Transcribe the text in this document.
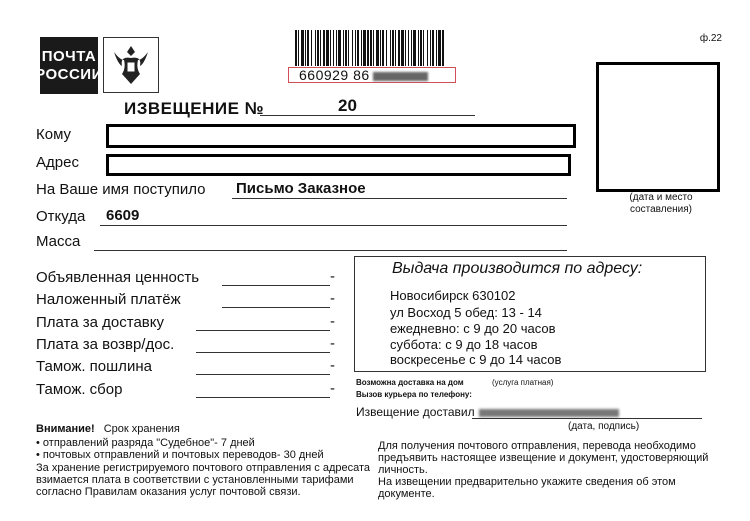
ПОЧТА
РОССИИ	660929 86
ф.22
(дата и место составления)
ИЗВЕЩЕНИЕ №	20
Кому
Адрес
На Ваше имя поступило Письмо Заказное
Откуда 6609
Масса
Объявленная ценность	-
Наложенный платёж	-
Плата за доставку	-
Плата за возвр/дос.	-
Тамож. пошлина	-
Тамож. сбор	-
Выдача производится по адресу:
Новосибирск 630102
ул Восход 5 обед: 13 - 14
ежедневно: с 9 до 20 часов
суббота: с 9 до 18 часов
воскресенье с 9 до 14 часов
Возможна доставка на дом	(услуга платная)
Вызов курьера по телефону:
Извещение доставил
(дата, подпись)
Внимание! Срок хранения
• отправлений разряда "Судебное"- 7 дней
• почтовых отправлений и почтовых переводов- 30 дней
За хранение регистрируемого почтового отправления с адресата
взимается плата в соответствии с установленными тарифами
согласно Правилам оказания услуг почтовой связи.
Для получения почтового отправления, перевода необходимо
предъявить настоящее извещение и документ, удостоверяющий
личность.
На извещении предварительно укажите сведения об этом
документе.
